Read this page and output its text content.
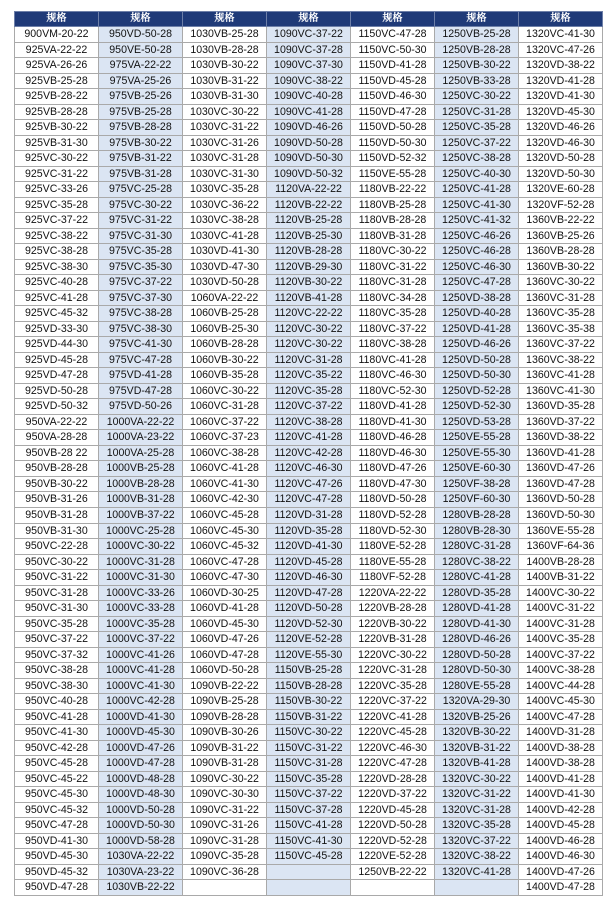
规格	规格	规格	规格	规格	规格	规格
900VM-20-22	950VD-50-28	1030VB-25-28	1090VC-37-22	1150VC-47-28	1250VB-25-28	1320VC-41-30
925VA-22-22	950VE-50-28	1030VB-28-28	1090VC-37-28	1150VC-50-30	1250VB-28-28	1320VC-47-26
925VA-26-26	975VA-22-22	1030VB-30-22	1090VC-37-30	1150VD-41-28	1250VB-30-22	1320VD-38-22
925VB-25-28	975VA-25-26	1030VB-31-22	1090VC-38-22	1150VD-45-28	1250VB-33-28	1320VD-41-28
925VB-28-22	975VB-25-26	1030VB-31-30	1090VC-40-28	1150VD-46-30	1250VC-30-22	1320VD-41-30
925VB-28-28	975VB-25-28	1030VC-30-22	1090VC-41-28	1150VD-47-28	1250VC-31-28	1320VD-45-30
925VB-30-22	975VB-28-28	1030VC-31-22	1090VD-46-26	1150VD-50-28	1250VC-35-28	1320VD-46-26
925VB-31-30	975VB-30-22	1030VC-31-26	1090VD-50-28	1150VD-50-30	1250VC-37-22	1320VD-46-30
925VC-30-22	975VB-31-22	1030VC-31-28	1090VD-50-30	1150VD-52-32	1250VC-38-28	1320VD-50-28
925VC-31-22	975VB-31-28	1030VC-31-30	1090VD-50-32	1150VE-55-28	1250VC-40-30	1320VD-50-30
925VC-33-26	975VC-25-28	1030VC-35-28	1120VA-22-22	1180VB-22-22	1250VC-41-28	1320VE-60-28
925VC-35-28	975VC-30-22	1030VC-36-22	1120VB-22-22	1180VB-25-28	1250VC-41-30	1320VF-52-28
925VC-37-22	975VC-31-22	1030VC-38-28	1120VB-25-28	1180VB-28-28	1250VC-41-32	1360VB-22-22
925VC-38-22	975VC-31-30	1030VC-41-28	1120VB-25-30	1180VB-31-28	1250VC-46-26	1360VB-25-26
925VC-38-28	975VC-35-28	1030VD-41-30	1120VB-28-28	1180VC-30-22	1250VC-46-28	1360VB-28-28
925VC-38-30	975VC-35-30	1030VD-47-30	1120VB-29-30	1180VC-31-22	1250VC-46-30	1360VB-30-22
925VC-40-28	975VC-37-22	1030VD-50-28	1120VB-30-22	1180VC-31-28	1250VC-47-28	1360VC-30-22
925VC-41-28	975VC-37-30	1060VA-22-22	1120VB-41-28	1180VC-34-28	1250VD-38-28	1360VC-31-28
925VC-45-32	975VC-38-28	1060VB-25-28	1120VC-22-22	1180VC-35-28	1250VD-40-28	1360VC-35-28
925VD-33-30	975VC-38-30	1060VB-25-30	1120VC-30-22	1180VC-37-22	1250VD-41-28	1360VC-35-38
925VD-44-30	975VC-41-30	1060VB-28-28	1120VC-30-22	1180VC-38-28	1250VD-46-26	1360VC-37-22
925VD-45-28	975VC-47-28	1060VB-30-22	1120VC-31-28	1180VC-41-28	1250VD-50-28	1360VC-38-22
925VD-47-28	975VD-41-28	1060VB-35-28	1120VC-35-22	1180VC-46-30	1250VD-50-30	1360VC-41-28
925VD-50-28	975VD-47-28	1060VC-30-22	1120VC-35-28	1180VC-52-30	1250VD-52-28	1360VC-41-30
925VD-50-32	975VD-50-26	1060VC-31-28	1120VC-37-22	1180VD-41-28	1250VD-52-30	1360VD-35-28
950VA-22-22	1000VA-22-22	1060VC-37-22	1120VC-38-28	1180VD-41-30	1250VD-53-28	1360VD-37-22
950VA-28-28	1000VA-23-22	1060VC-37-23	1120VC-41-28	1180VD-46-28	1250VE-55-28	1360VD-38-22
950VB-28 22	1000VA-25-28	1060VC-38-28	1120VC-42-28	1180VD-46-30	1250VE-55-30	1360VD-41-28
950VB-28-28	1000VB-25-28	1060VC-41-28	1120VC-46-30	1180VD-47-26	1250VE-60-30	1360VD-47-26
950VB-30-22	1000VB-28-28	1060VC-41-30	1120VC-47-26	1180VD-47-30	1250VF-38-28	1360VD-47-28
950VB-31-26	1000VB-31-28	1060VC-42-30	1120VC-47-28	1180VD-50-28	1250VF-60-30	1360VD-50-28
950VB-31-28	1000VB-37-22	1060VC-45-28	1120VD-31-28	1180VD-52-28	1280VB-28-28	1360VD-50-30
950VB-31-30	1000VC-25-28	1060VC-45-30	1120VD-35-28	1180VD-52-30	1280VB-28-30	1360VE-55-28
950VC-22-28	1000VC-30-22	1060VC-45-32	1120VD-41-30	1180VE-52-28	1280VC-31-28	1360VF-64-36
950VC-30-22	1000VC-31-28	1060VC-47-28	1120VD-45-28	1180VE-55-28	1280VC-38-22	1400VB-28-28
950VC-31-22	1000VC-31-30	1060VC-47-30	1120VD-46-30	1180VF-52-28	1280VC-41-28	1400VB-31-22
950VC-31-28	1000VC-33-26	1060VD-30-25	1120VD-47-28	1220VA-22-22	1280VD-35-28	1400VC-30-22
950VC-31-30	1000VC-33-28	1060VD-41-28	1120VD-50-28	1220VB-28-28	1280VD-41-28	1400VC-31-22
950VC-35-28	1000VC-35-28	1060VD-45-30	1120VD-52-30	1220VB-30-22	1280VD-41-30	1400VC-31-28
950VC-37-22	1000VC-37-22	1060VD-47-26	1120VE-52-28	1220VB-31-28	1280VD-46-26	1400VC-35-28
950VC-37-32	1000VC-41-26	1060VD-47-28	1120VE-55-30	1220VC-30-22	1280VD-50-28	1400VC-37-22
950VC-38-28	1000VC-41-28	1060VD-50-28	1150VB-25-28	1220VC-31-28	1280VD-50-30	1400VC-38-28
950VC-38-30	1000VC-41-30	1090VB-22-22	1150VB-28-28	1220VC-35-28	1280VE-55-28	1400VC-44-28
950VC-40-28	1000VC-42-28	1090VB-25-28	1150VB-30-22	1220VC-37-22	1320VA-29-30	1400VC-45-30
950VC-41-28	1000VD-41-30	1090VB-28-28	1150VB-31-22	1220VC-41-28	1320VB-25-26	1400VC-47-28
950VC-41-30	1000VD-45-30	1090VB-30-26	1150VC-30-22	1220VC-45-28	1320VB-30-22	1400VD-31-28
950VC-42-28	1000VD-47-26	1090VB-31-22	1150VC-31-22	1220VC-46-30	1320VB-31-22	1400VD-38-28
950VC-45-28	1000VD-47-28	1090VB-31-28	1150VC-31-28	1220VC-47-28	1320VB-41-28	1400VD-38-28
950VC-45-22	1000VD-48-28	1090VC-30-22	1150VC-35-28	1220VD-28-28	1320VC-30-22	1400VD-41-28
950VC-45-30	1000VD-48-30	1090VC-30-30	1150VC-37-22	1220VD-37-22	1320VC-31-22	1400VD-41-30
950VC-45-32	1000VD-50-28	1090VC-31-22	1150VC-37-28	1220VD-45-28	1320VC-31-28	1400VD-42-28
950VC-47-28	1000VD-50-30	1090VC-31-26	1150VC-41-28	1220VD-50-28	1320VC-35-28	1400VD-45-28
950VD-41-30	1000VD-58-28	1090VC-31-28	1150VC-41-30	1220VD-52-28	1320VC-37-22	1400VD-46-28
950VD-45-30	1030VA-22-22	1090VC-35-28	1150VC-45-28	1220VE-52-28	1320VC-38-22	1400VD-46-30
950VD-45-32	1030VA-23-22	1090VC-36-28		1250VB-22-22	1320VC-41-28	1400VD-47-26
950VD-47-28	1030VB-22-22					1400VD-47-28
